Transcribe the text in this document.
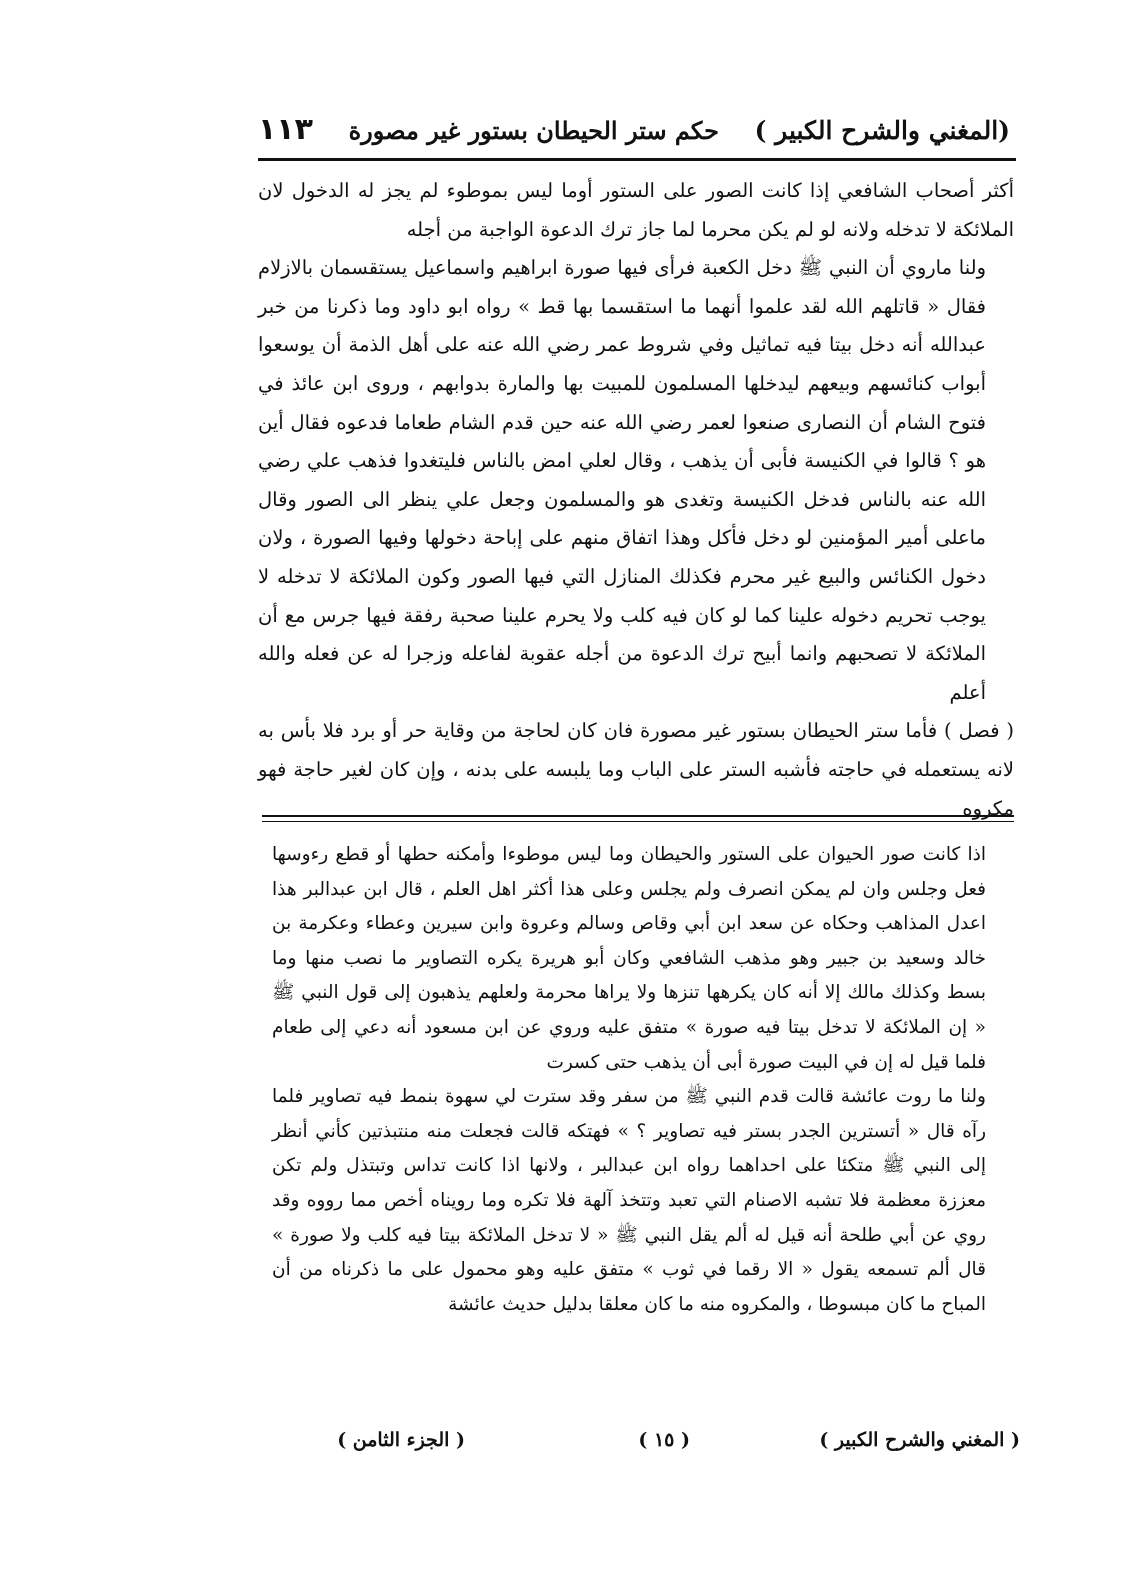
(المغني والشرح الكبير )
حكم ستر الحيطان بستور غير مصورة
١١٣

أكثر أصحاب الشافعي إذا كانت الصور على الستور أوما ليس بموطوء لم يجز له الدخول لان الملائكة لا تدخله ولانه لو لم يكن محرما لما جاز ترك الدعوة الواجبة من أجله

ولنا ماروي أن النبي ﷺ دخل الكعبة فرأى فيها صورة ابراهيم واسماعيل يستقسمان بالازلام فقال « قاتلهم الله لقد علموا أنهما ما استقسما بها قط » رواه ابو داود وما ذكرنا من خبر عبدالله أنه دخل بيتا فيه تماثيل وفي شروط عمر رضي الله عنه على أهل الذمة أن يوسعوا أبواب كنائسهم وبيعهم ليدخلها المسلمون للمبيت بها والمارة بدوابهم ، وروى ابن عائذ في فتوح الشام أن النصارى صنعوا لعمر رضي الله عنه حين قدم الشام طعاما فدعوه فقال أين هو ؟ قالوا في الكنيسة فأبى أن يذهب ، وقال لعلي امض بالناس فليتغدوا فذهب علي رضي الله عنه بالناس فدخل الكنيسة وتغدى هو والمسلمون وجعل علي ينظر الى الصور وقال ماعلى أمير المؤمنين لو دخل فأكل وهذا اتفاق منهم على إباحة دخولها وفيها الصورة ، ولان دخول الكنائس والبيع غير محرم فكذلك المنازل التي فيها الصور وكون الملائكة لا تدخله لا يوجب تحريم دخوله علينا كما لو كان فيه كلب ولا يحرم علينا صحبة رفقة فيها جرس مع أن الملائكة لا تصحبهم وانما أبيح ترك الدعوة من أجله عقوبة لفاعله وزجرا له عن فعله والله أعلم

( فصل ) فأما ستر الحيطان بستور غير مصورة فان كان لحاجة من وقاية حر أو برد فلا بأس به لانه يستعمله في حاجته فأشبه الستر على الباب وما يلبسه على بدنه ، وإن كان لغير حاجة فهو مكروه

اذا كانت صور الحيوان على الستور والحيطان وما ليس موطوءا وأمكنه حطها أو قطع رءوسها فعل وجلس وان لم يمكن انصرف ولم يجلس وعلى هذا أكثر اهل العلم ، قال ابن عبدالبر هذا اعدل المذاهب وحكاه عن سعد ابن أبي وقاص وسالم وعروة وابن سيرين وعطاء وعكرمة بن خالد وسعيد بن جبير وهو مذهب الشافعي وكان أبو هريرة يكره التصاوير ما نصب منها وما بسط وكذلك مالك إلا أنه كان يكرهها تنزها ولا يراها محرمة ولعلهم يذهبون إلى قول النبي ﷺ « إن الملائكة لا تدخل بيتا فيه صورة » متفق عليه وروي عن ابن مسعود أنه دعي إلى طعام فلما قيل له إن في البيت صورة أبى أن يذهب حتى كسرت

ولنا ما روت عائشة قالت قدم النبي ﷺ من سفر وقد سترت لي سهوة بنمط فيه تصاوير فلما رآه قال « أتسترين الجدر بستر فيه تصاوير ؟ » فهتكه قالت فجعلت منه منتبذتين كأني أنظر إلى النبي ﷺ متكئا على احداهما رواه ابن عبدالبر ، ولانها اذا كانت تداس وتبتذل ولم تكن معززة معظمة فلا تشبه الاصنام التي تعبد وتتخذ آلهة فلا تكره وما رويناه أخص مما رووه وقد روي عن أبي طلحة أنه قيل له ألم يقل النبي ﷺ « لا تدخل الملائكة بيتا فيه كلب ولا صورة » قال ألم تسمعه يقول « الا رقما في ثوب » متفق عليه وهو محمول على ما ذكرناه من أن المباح ما كان مبسوطا ، والمكروه منه ما كان معلقا بدليل حديث عائشة

( المغني والشرح الكبير )
( ١٥ )
( الجزء الثامن )
